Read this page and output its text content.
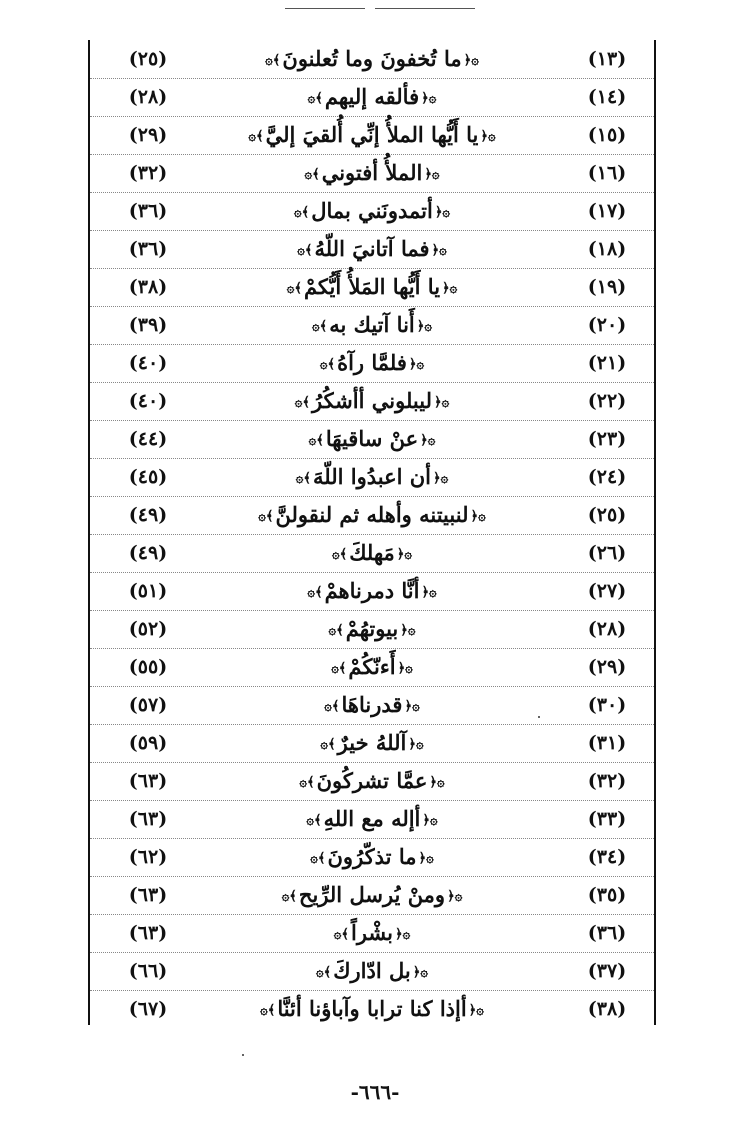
(١٣)
۞﴿ما تُخفونَ وما تُعلنونَ﴾۞
(٢٥)
(١٤)
۞﴿فألقه إليهم﴾۞
(٢٨)
(١٥)
۞﴿يا أَيُّها الملأُ إنِّي أُلقيَ إليَّ﴾۞
(٢٩)
(١٦)
۞﴿الملأُ أفتوني﴾۞
(٣٢)
(١٧)
۞﴿أتمدونَني بمال﴾۞
(٣٦)
(١٨)
۞﴿فما آتانيَ اللّهُ﴾۞
(٣٦)
(١٩)
۞﴿يا أَيُّها المَلأُ أَيُّكمْ﴾۞
(٣٨)
(٢٠)
۞﴿أَنا آتيك به﴾۞
(٣٩)
(٢١)
۞﴿فلمَّا رآهُ﴾۞
(٤٠)
(٢٢)
۞﴿ليبلوني أأشكُرُ﴾۞
(٤٠)
(٢٣)
۞﴿عنْ ساقيهَا﴾۞
(٤٤)
(٢٤)
۞﴿أن اعبدُوا اللّهَ﴾۞
(٤٥)
(٢٥)
۞﴿لنبيتنه وأهله ثم لنقولنَّ﴾۞
(٤٩)
(٢٦)
۞﴿مَهلكَ﴾۞
(٤٩)
(٢٧)
۞﴿أنَّا دمرناهمْ﴾۞
(٥١)
(٢٨)
۞﴿بيوتهُمْ﴾۞
(٥٢)
(٢٩)
۞﴿أَءنّكُمْ﴾۞
(٥٥)
(٣٠)
۞﴿قدرناهَا﴾۞
(٥٧)
(٣١)
۞﴿آللهُ خيرٌ﴾۞
(٥٩)
(٣٢)
۞﴿عمَّا تشركُونَ﴾۞
(٦٣)
(٣٣)
۞﴿أإله مع اللهِ﴾۞
(٦٣)
(٣٤)
۞﴿ما تذكّرُونَ﴾۞
(٦٢)
(٣٥)
۞﴿ومنْ يُرسل الرِّيح﴾۞
(٦٣)
(٣٦)
۞﴿بشْراً﴾۞
(٦٣)
(٣٧)
۞﴿بل ادّاركَ﴾۞
(٦٦)
(٣٨)
۞﴿أإذا كنا ترابا وآباؤنا أئنَّا﴾۞
(٦٧)
-٦٦٦-
